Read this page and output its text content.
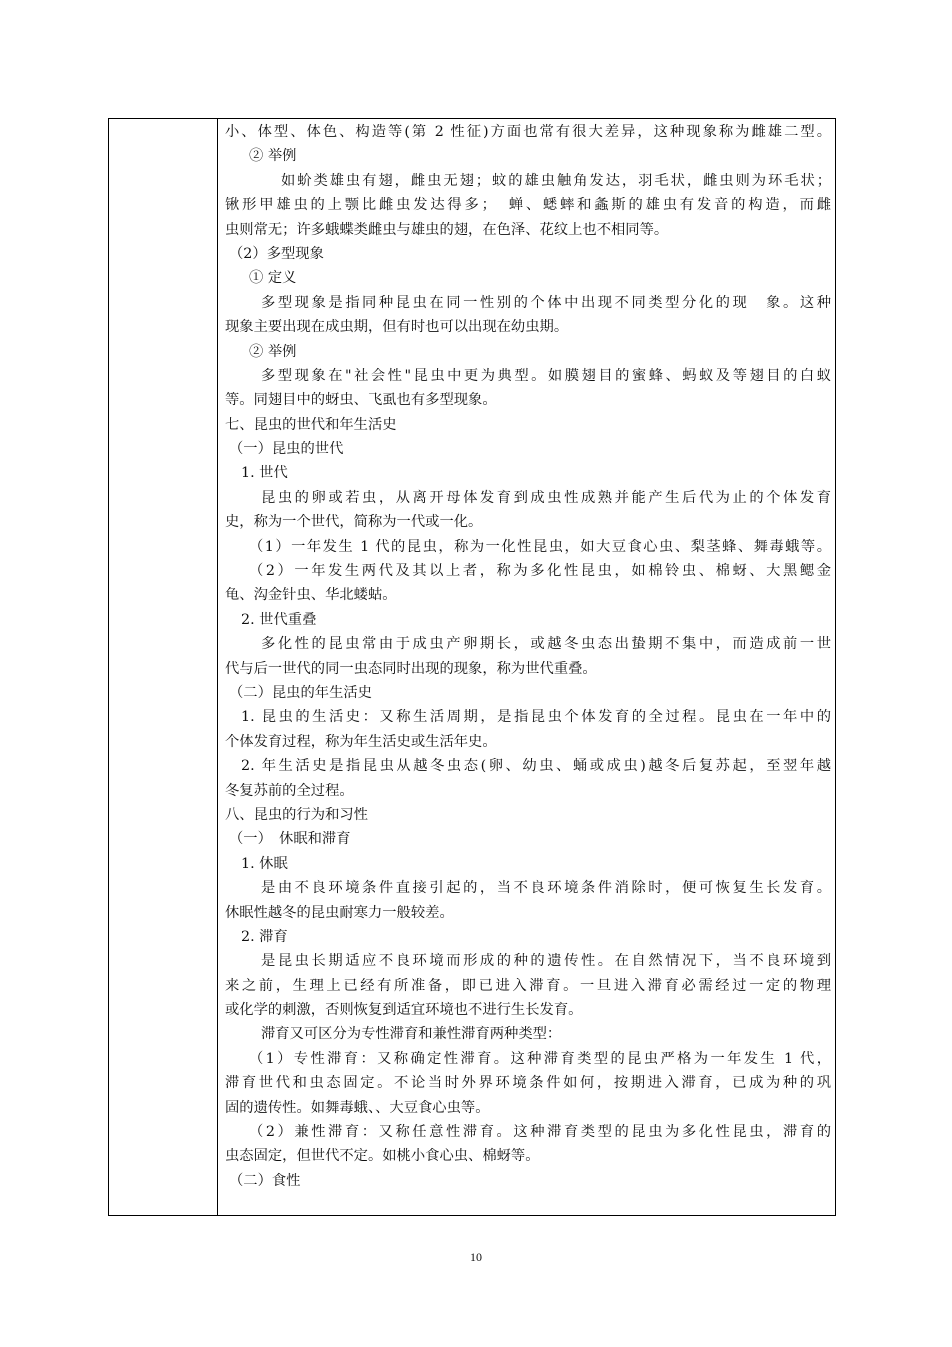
小、体型、体色、构造等(第 2 性征)方面也常有很大差异，这种现象称为雌雄二型。
② 举例
如蚧类雄虫有翅，雌虫无翅；蚊的雄虫触角发达，羽毛状，雌虫则为环毛状；
锹形甲雄虫的上颚比雌虫发达得多；　蝉、蟋蟀和螽斯的雄虫有发音的构造，而雌
虫则常无；许多蛾蝶类雌虫与雄虫的翅，在色泽、花纹上也不相同等。
（2）多型现象
① 定义
多型现象是指同种昆虫在同一性别的个体中出现不同类型分化的现　象。这种
现象主要出现在成虫期，但有时也可以出现在幼虫期。
② 举例
多型现象在"社会性"昆虫中更为典型。如膜翅目的蜜蜂、蚂蚁及等翅目的白蚁
等。同翅目中的蚜虫、飞虱也有多型现象。
七、昆虫的世代和年生活史
（一）昆虫的世代
1. 世代
昆虫的卵或若虫，从离开母体发育到成虫性成熟并能产生后代为止的个体发育
史，称为一个世代，简称为一代或一化。
（1）一年发生 1 代的昆虫，称为一化性昆虫，如大豆食心虫、梨茎蜂、舞毒蛾等。
（2）一年发生两代及其以上者，称为多化性昆虫，如棉铃虫、棉蚜、大黑鳃金
龟、沟金针虫、华北蝼蛄。
2. 世代重叠
多化性的昆虫常由于成虫产卵期长，或越冬虫态出蛰期不集中，而造成前一世
代与后一世代的同一虫态同时出现的现象，称为世代重叠。
（二）昆虫的年生活史
1. 昆虫的生活史：又称生活周期，是指昆虫个体发育的全过程。昆虫在一年中的
个体发育过程，称为年生活史或生活年史。
2. 年生活史是指昆虫从越冬虫态(卵、幼虫、蛹或成虫)越冬后复苏起，至翌年越
冬复苏前的全过程。
八、昆虫的行为和习性
（一）　休眠和滞育
1. 休眠
是由不良环境条件直接引起的，当不良环境条件消除时，便可恢复生长发育。
休眠性越冬的昆虫耐寒力一般较差。
2. 滞育
是昆虫长期适应不良环境而形成的种的遗传性。在自然情况下，当不良环境到
来之前，生理上已经有所准备，即已进入滞育。一旦进入滞育必需经过一定的物理
或化学的刺激，否则恢复到适宜环境也不进行生长发育。
滞育又可区分为专性滞育和兼性滞育两种类型：
（1）专性滞育：又称确定性滞育。这种滞育类型的昆虫严格为一年发生 1 代，
滞育世代和虫态固定。不论当时外界环境条件如何，按期进入滞育，已成为种的巩
固的遗传性。如舞毒蛾、、大豆食心虫等。
（2）兼性滞育：又称任意性滞育。这种滞育类型的昆虫为多化性昆虫，滞育的
虫态固定，但世代不定。如桃小食心虫、棉蚜等。
（二）食性
10
